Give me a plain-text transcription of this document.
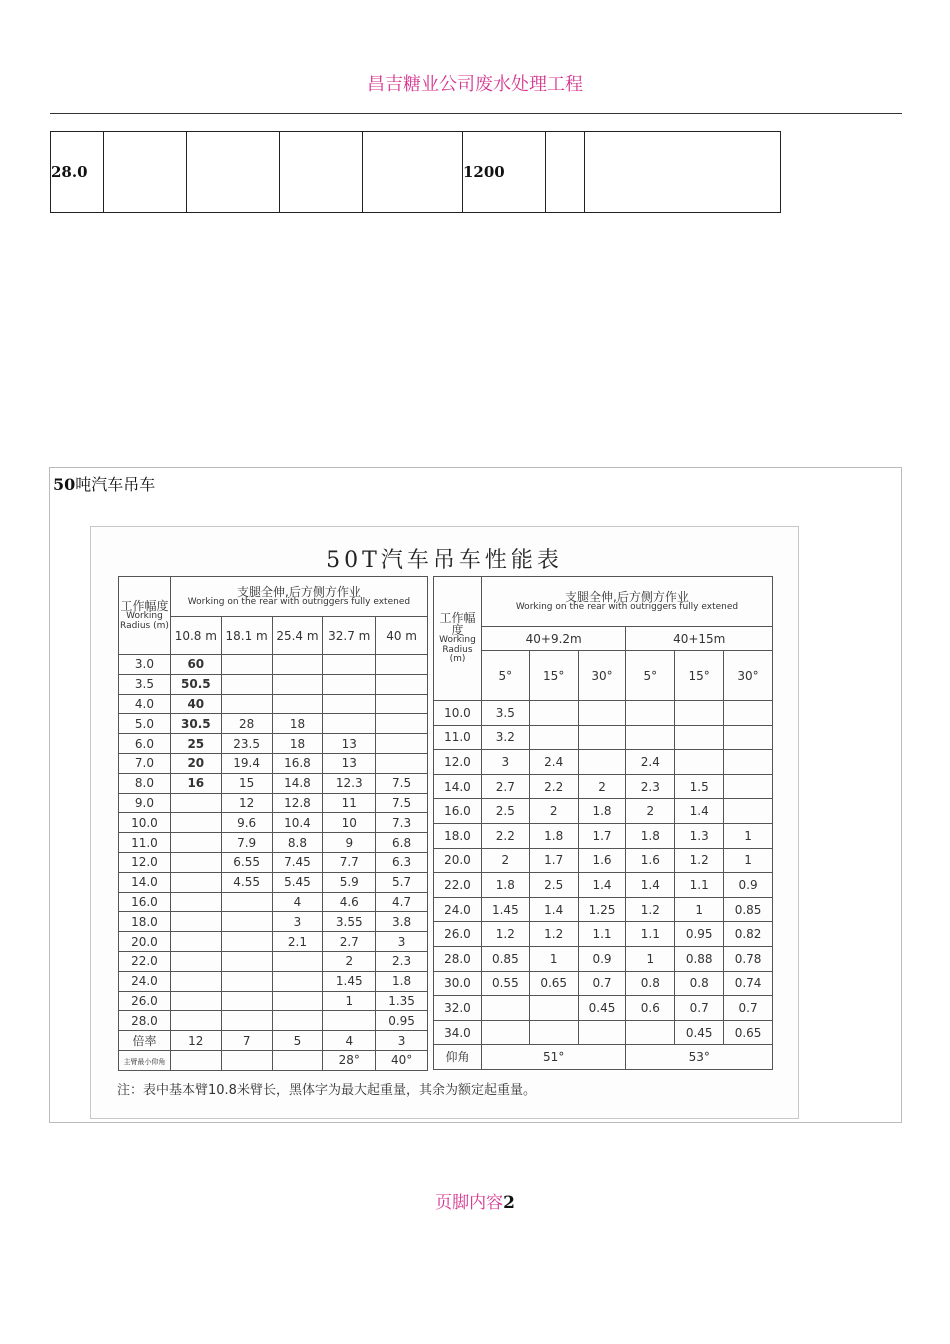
昌吉糖业公司废水处理工程
28.0					1200		
50吨汽车吊车
50T汽车吊车性能表
工作幅度
Working Radius (m)	支腿全伸,后方侧方作业
Working on the rear with outriggers fully extened				

	10.8 m	18.1 m	25.4 m	32.7 m	40 m
3.0	60				
3.5	50.5				
4.0	40				
5.0	30.5	28	18		
6.0	25	23.5	18	13	
7.0	20	19.4	16.8	13	
8.0	16	15	14.8	12.3	7.5
9.0		12	12.8	11	7.5
10.0		9.6	10.4	10	7.3
11.0		7.9	8.8	9	6.8
12.0		6.55	7.45	7.7	6.3
14.0		4.55	5.45	5.9	5.7
16.0			4	4.6	4.7
18.0			3	3.55	3.8
20.0			2.1	2.7	3
22.0				2	2.3
24.0				1.45	1.8
26.0				1	1.35
28.0					0.95
倍率	12	7	5	4	3
主臂最小仰角				28°	40°
工作幅度
Working Radius (m)	支腿全伸,后方侧方作业
Working on the rear with outriggers fully extened					

	40+9.2m			40+15m		
	5°	15°	30°	5°	15°	30°
10.0	3.5					
11.0	3.2					
12.0	3	2.4		2.4		
14.0	2.7	2.2	2	2.3	1.5	
16.0	2.5	2	1.8	2	1.4	
18.0	2.2	1.8	1.7	1.8	1.3	1
20.0	2	1.7	1.6	1.6	1.2	1
22.0	1.8	2.5	1.4	1.4	1.1	0.9
24.0	1.45	1.4	1.25	1.2	1	0.85
26.0	1.2	1.2	1.1	1.1	0.95	0.82
28.0	0.85	1	0.9	1	0.88	0.78
30.0	0.55	0.65	0.7	0.8	0.8	0.74
32.0			0.45	0.6	0.7	0.7
34.0					0.45	0.65
仰角	51°			53°		
注：表中基本臂10.8米臂长，黑体字为最大起重量，其余为额定起重量。
页脚内容2
